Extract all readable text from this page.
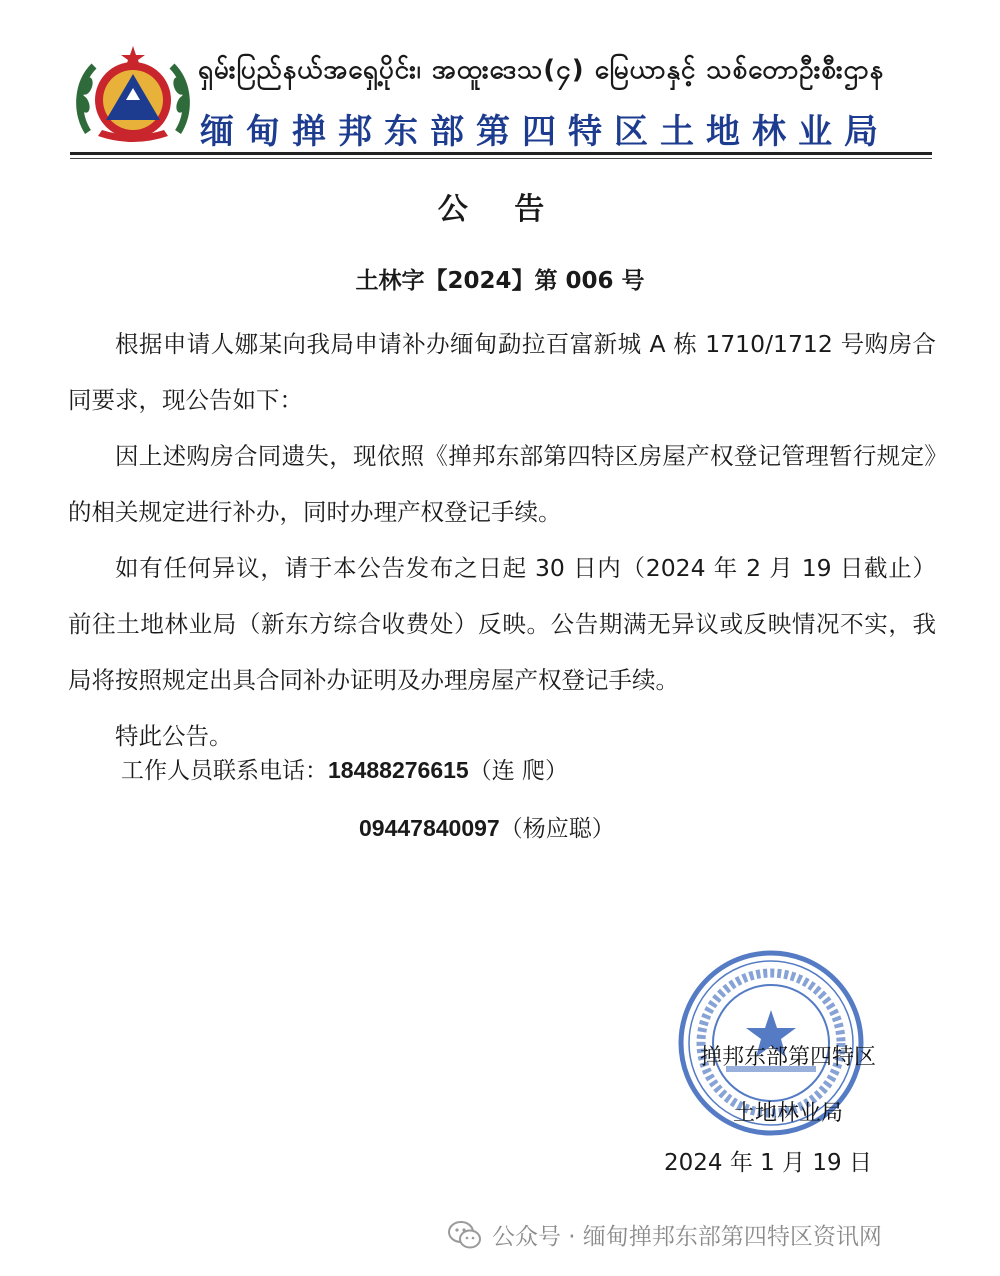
ရှမ်းပြည်နယ်အရှေ့ပိုင်း၊ အထူးဒေသ(၄) မြေယာနှင့် သစ်တောဦးစီးဌာန
缅甸掸邦东部第四特区土地林业局
公 告
土林字【2024】第 006 号

根据申请人娜某向我局申请补办缅甸勐拉百富新城 A 栋 1710/1712 号购房合同要求，现公告如下：

因上述购房合同遗失，现依照《掸邦东部第四特区房屋产权登记管理暂行规定》的相关规定进行补办，同时办理产权登记手续。

如有任何异议，请于本公告发布之日起 30 日内（2024 年 2 月 19 日截止）前往土地林业局（新东方综合收费处）反映。公告期满无异议或反映情况不实，我局将按照规定出具合同补办证明及办理房屋产权登记手续。

特此公告。

工作人员联系电话：18488276615（连 爬）
09447840097（杨应聪）
掸邦东部第四特区
土地林业局
2024 年 1 月 19 日
公众号 · 缅甸掸邦东部第四特区资讯网
